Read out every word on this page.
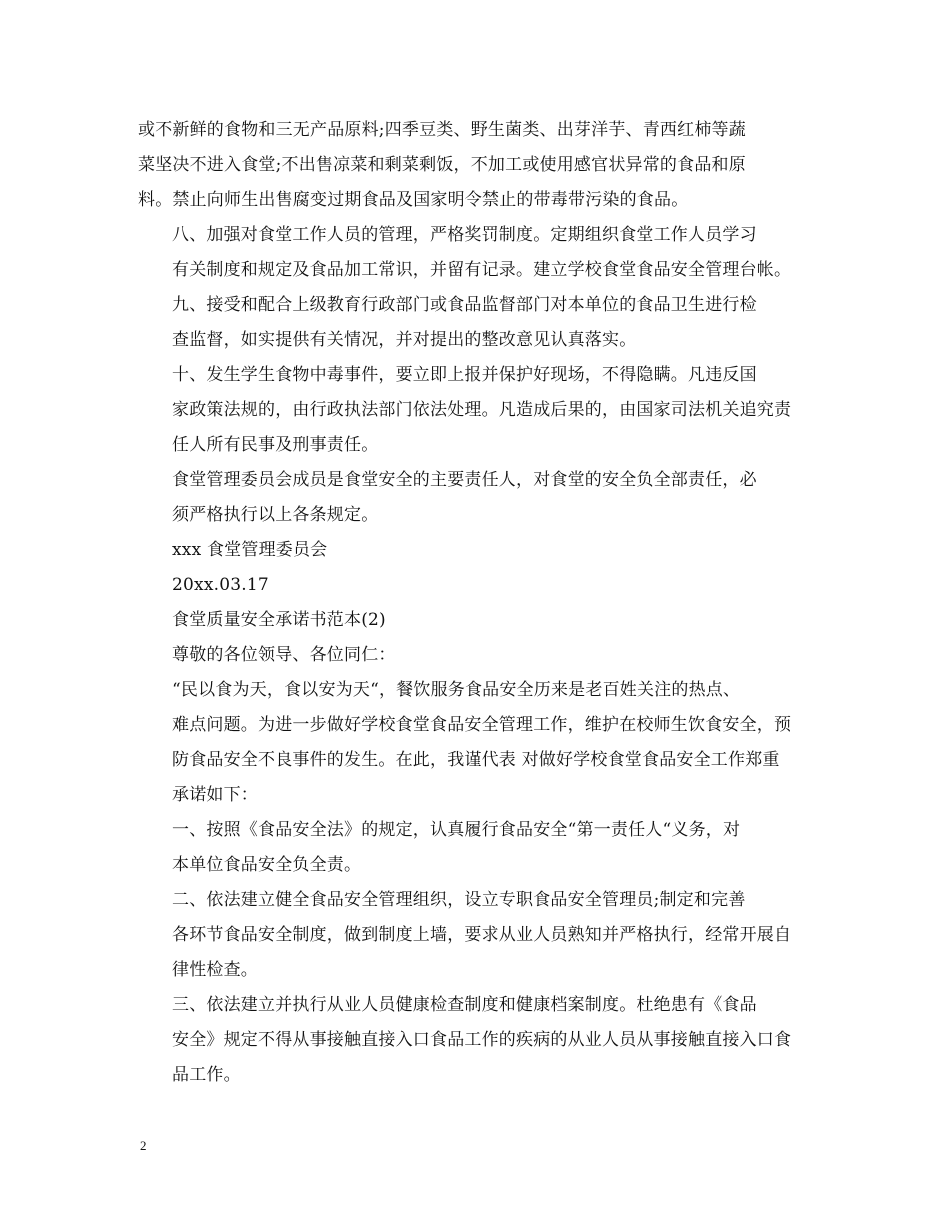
或不新鲜的食物和三无产品原料;四季豆类、野生菌类、出芽洋芋、青西红柿等蔬
菜坚决不进入食堂;不出售凉菜和剩菜剩饭，不加工或使用感官状异常的食品和原
料。禁止向师生出售腐变过期食品及国家明令禁止的带毒带污染的食品。

八、加强对食堂工作人员的管理，严格奖罚制度。定期组织食堂工作人员学习
有关制度和规定及食品加工常识，并留有记录。建立学校食堂食品安全管理台帐。

九、接受和配合上级教育行政部门或食品监督部门对本单位的食品卫生进行检
查监督，如实提供有关情况，并对提出的整改意见认真落实。

十、发生学生食物中毒事件，要立即上报并保护好现场，不得隐瞒。凡违反国
家政策法规的，由行政执法部门依法处理。凡造成后果的，由国家司法机关追究责
任人所有民事及刑事责任。

食堂管理委员会成员是食堂安全的主要责任人，对食堂的安全负全部责任，必
须严格执行以上各条规定。

xxx 食堂管理委员会

20xx.03.17

食堂质量安全承诺书范本(2)

尊敬的各位领导、各位同仁：

“民以食为天，食以安为天“，餐饮服务食品安全历来是老百姓关注的热点、
难点问题。为进一步做好学校食堂食品安全管理工作，维护在校师生饮食安全，预
防食品安全不良事件的发生。在此，我谨代表 对做好学校食堂食品安全工作郑重
承诺如下：

一、按照《食品安全法》的规定，认真履行食品安全“第一责任人“义务，对
本单位食品安全负全责。

二、依法建立健全食品安全管理组织，设立专职食品安全管理员;制定和完善
各环节食品安全制度，做到制度上墙，要求从业人员熟知并严格执行，经常开展自
律性检查。

三、依法建立并执行从业人员健康检查制度和健康档案制度。杜绝患有《食品
安全》规定不得从事接触直接入口食品工作的疾病的从业人员从事接触直接入口食
品工作。

2
